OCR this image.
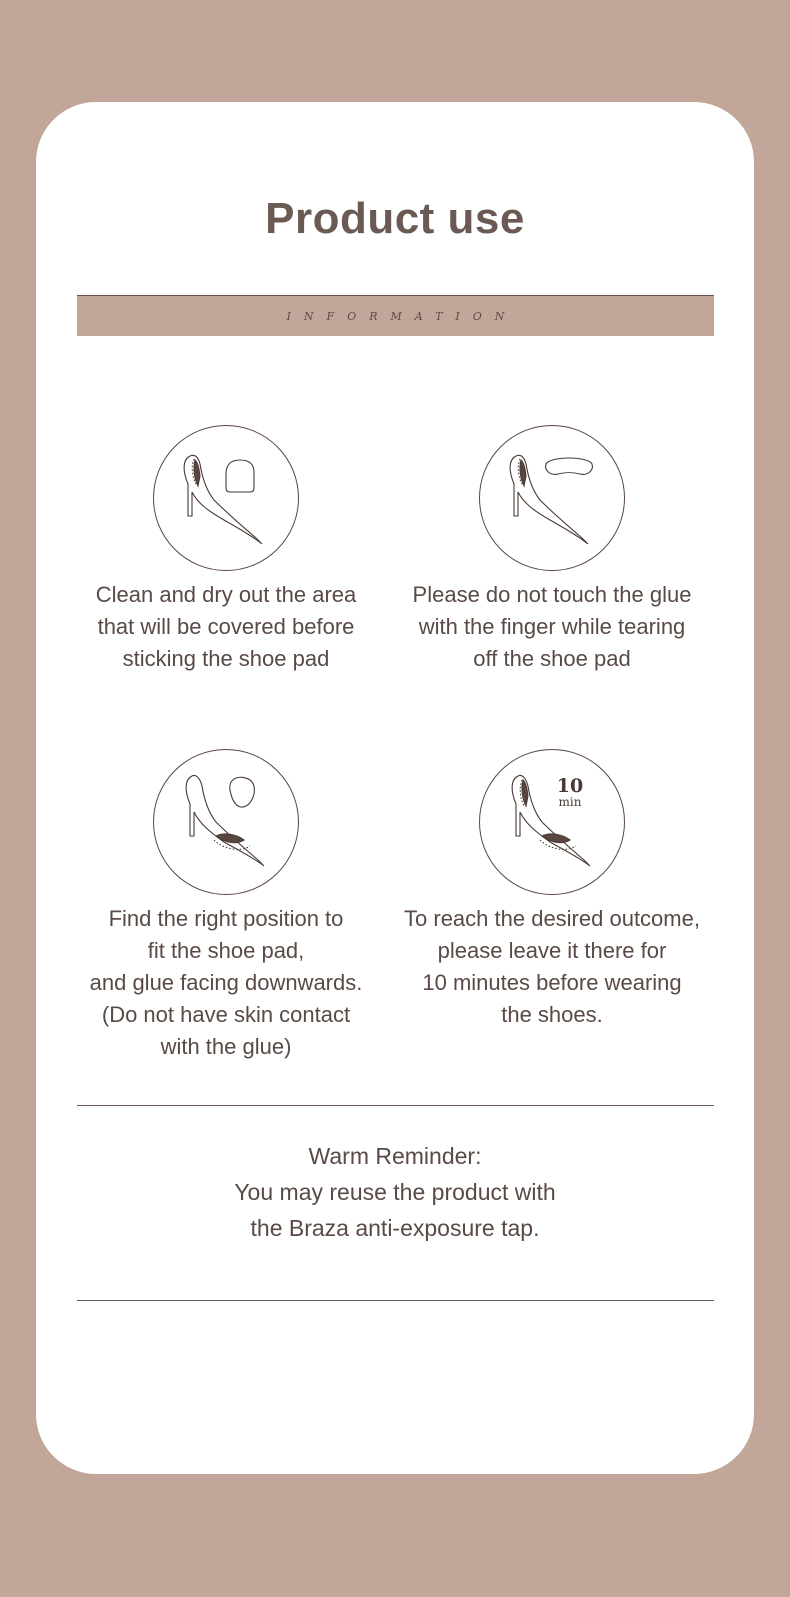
Product use
INFORMATION
Clean and dry out the area
that will be covered before
sticking the shoe pad
Please do not touch the glue
with the finger while tearing
off the shoe pad
Find the right position to
fit the shoe pad,
and glue facing downwards.
(Do not have skin contact
with the glue)
10
min
To reach the desired outcome,
please leave it there for
10 minutes before wearing
the shoes.
Warm Reminder:
You may reuse the product with
the Braza anti-exposure tap.
